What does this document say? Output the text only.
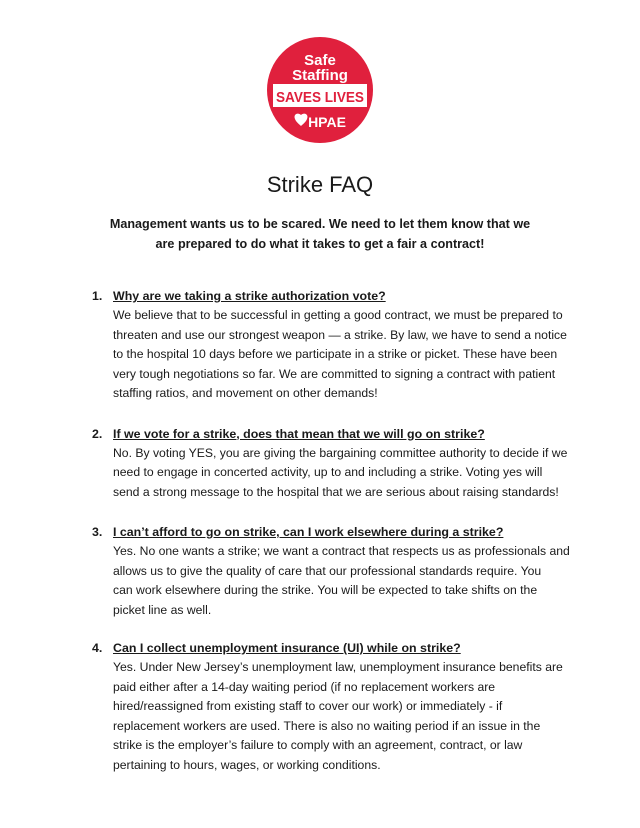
Safe
Staffing
SAVES LIVES
HPAE
Strike FAQ

Management wants us to be scared. We need to let them know that we are prepared to do what it takes to get a fair a contract!

1. Why are we taking a strike authorization vote?
We believe that to be successful in getting a good contract, we must be prepared to
threaten and use our strongest weapon — a strike. By law, we have to send a notice
to the hospital 10 days before we participate in a strike or picket. These have been
very tough negotiations so far. We are committed to signing a contract with patient
staffing ratios, and movement on other demands!
2. If we vote for a strike, does that mean that we will go on strike?
No. By voting YES, you are giving the bargaining committee authority to decide if we
need to engage in concerted activity, up to and including a strike. Voting yes will
send a strong message to the hospital that we are serious about raising standards!
3. I can’t afford to go on strike, can I work elsewhere during a strike?
Yes. No one wants a strike; we want a contract that respects us as professionals and
allows us to give the quality of care that our professional standards require. You
can work elsewhere during the strike. You will be expected to take shifts on the
picket line as well.
4. Can I collect unemployment insurance (UI) while on strike?
Yes. Under New Jersey’s unemployment law, unemployment insurance benefits are
paid either after a 14-day waiting period (if no replacement workers are
hired/reassigned from existing staff to cover our work) or immediately - if
replacement workers are used. There is also no waiting period if an issue in the
strike is the employer’s failure to comply with an agreement, contract, or law
pertaining to hours, wages, or working conditions.
